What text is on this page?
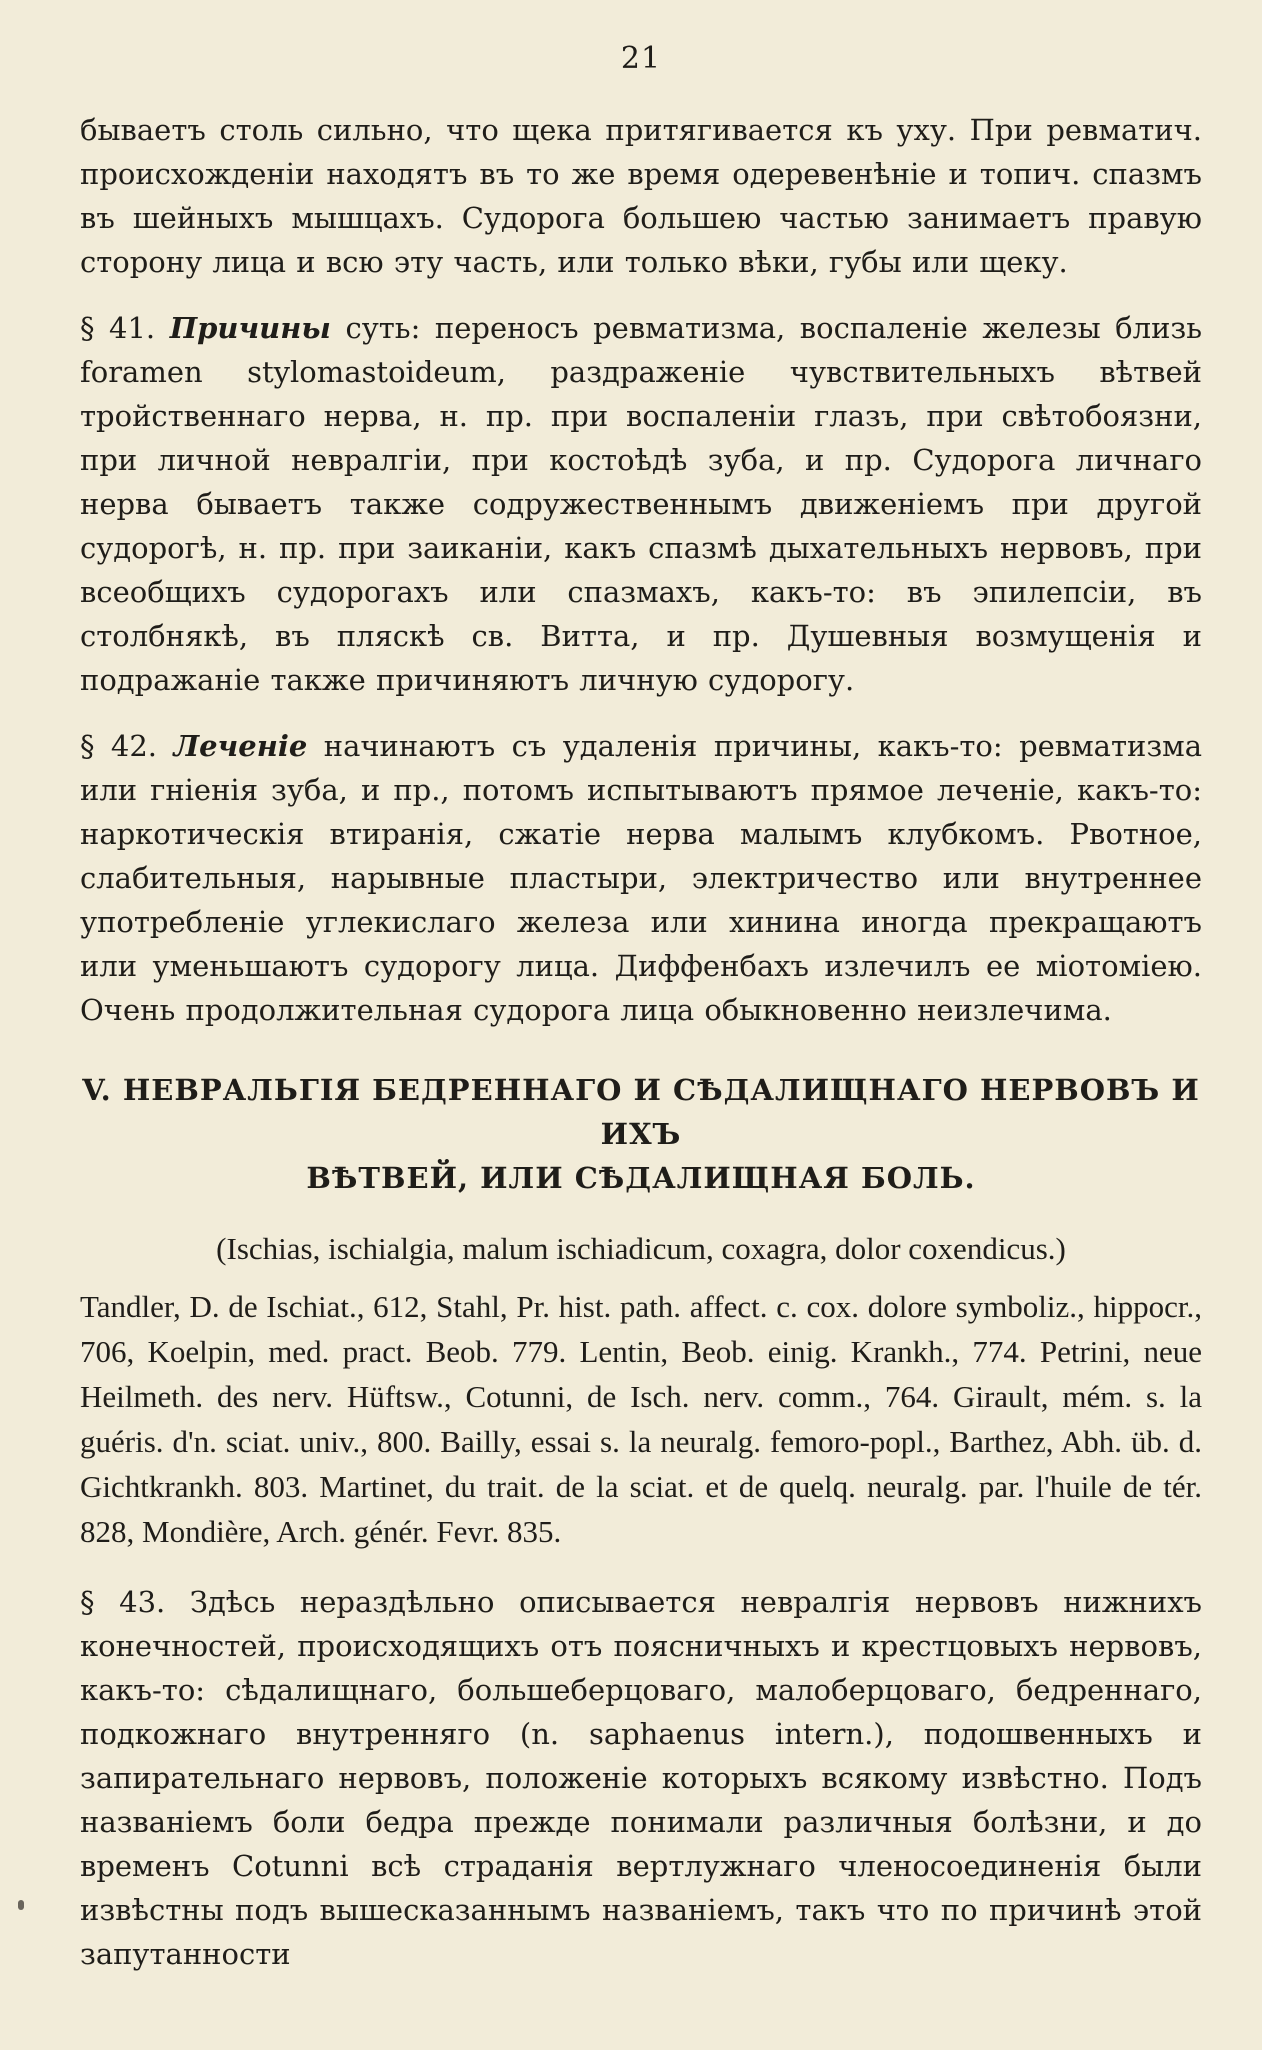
21

бываетъ столь сильно, что щека притягивается къ уху. При ревматич. происхожденіи находятъ въ то же время одеревенѣніе и топич. спазмъ въ шейныхъ мышцахъ. Судорога большею частью занимаетъ правую сторону лица и всю эту часть, или только вѣки, губы или щеку.

§ 41. Причины суть: переносъ ревматизма, воспаленіе железы близь foramen stylomastoideum, раздраженіе чувствительныхъ вѣтвей тройственнаго нерва, н. пр. при воспаленіи глазъ, при свѣтобоязни, при личной невралгіи, при костоѣдѣ зуба, и пр. Судорога личнаго нерва бываетъ также содружественнымъ движеніемъ при другой судорогѣ, н. пр. при заиканіи, какъ спазмѣ дыхательныхъ нервовъ, при всеобщихъ судорогахъ или спазмахъ, какъ-то: въ эпилепсіи, въ столбнякѣ, въ пляскѣ св. Витта, и пр. Душевныя возмущенія и подражаніе также причиняютъ личную судорогу.

§ 42. Леченіе начинаютъ съ удаленія причины, какъ-то: ревматизма или гніенія зуба, и пр., потомъ испытываютъ прямое леченіе, какъ-то: наркотическія втиранія, сжатіе нерва малымъ клубкомъ. Рвотное, слабительныя, нарывные пластыри, электричество или внутреннее употребленіе углекислаго железа или хинина иногда прекращаютъ или уменьшаютъ судорогу лица. Диффенбахъ излечилъ ее міотоміею. Очень продолжительная судорога лица обыкновенно неизлечима.

V. НЕВРАЛЬГІЯ БЕДРЕННАГО И СѢДАЛИЩНАГО НЕРВОВЪ И ИХЪ
ВѢТВЕЙ, ИЛИ СѢДАЛИЩНАЯ БОЛЬ.
(Ischias, ischialgia, malum ischiadicum, coxagra, dolor coxendicus.)
Tandler, D. de Ischiat., 612, Stahl, Pr. hist. path. affect. c. cox. dolore symboliz., hippocr., 706, Koelpin, med. pract. Beob. 779. Lentin, Beob. einig. Krankh., 774. Petrini, neue Heilmeth. des nerv. Hüftsw., Cotunni, de Isch. nerv. comm., 764. Girault, mém. s. la guéris. d'n. sciat. univ., 800. Bailly, essai s. la neuralg. femoro-popl., Barthez, Abh. üb. d. Gichtkrankh. 803. Martinet, du trait. de la sciat. et de quelq. neuralg. par. l'huile de tér. 828, Mondière, Arch. génér. Fevr. 835.

§ 43. Здѣсь нераздѣльно описывается невралгія нервовъ нижнихъ конечностей, происходящихъ отъ поясничныхъ и крестцовыхъ нервовъ, какъ-то: сѣдалищнаго, большеберцоваго, малоберцоваго, бедреннаго, подкожнаго внутренняго (n. saphaenus intern.), подошвенныхъ и запирательнаго нервовъ, положеніе которыхъ всякому извѣстно. Подъ названіемъ боли бедра прежде понимали различныя болѣзни, и до временъ Cotunni всѣ страданія вертлужнаго членосоединенія были извѣстны подъ вышесказаннымъ названіемъ, такъ что по причинѣ этой запутанности
